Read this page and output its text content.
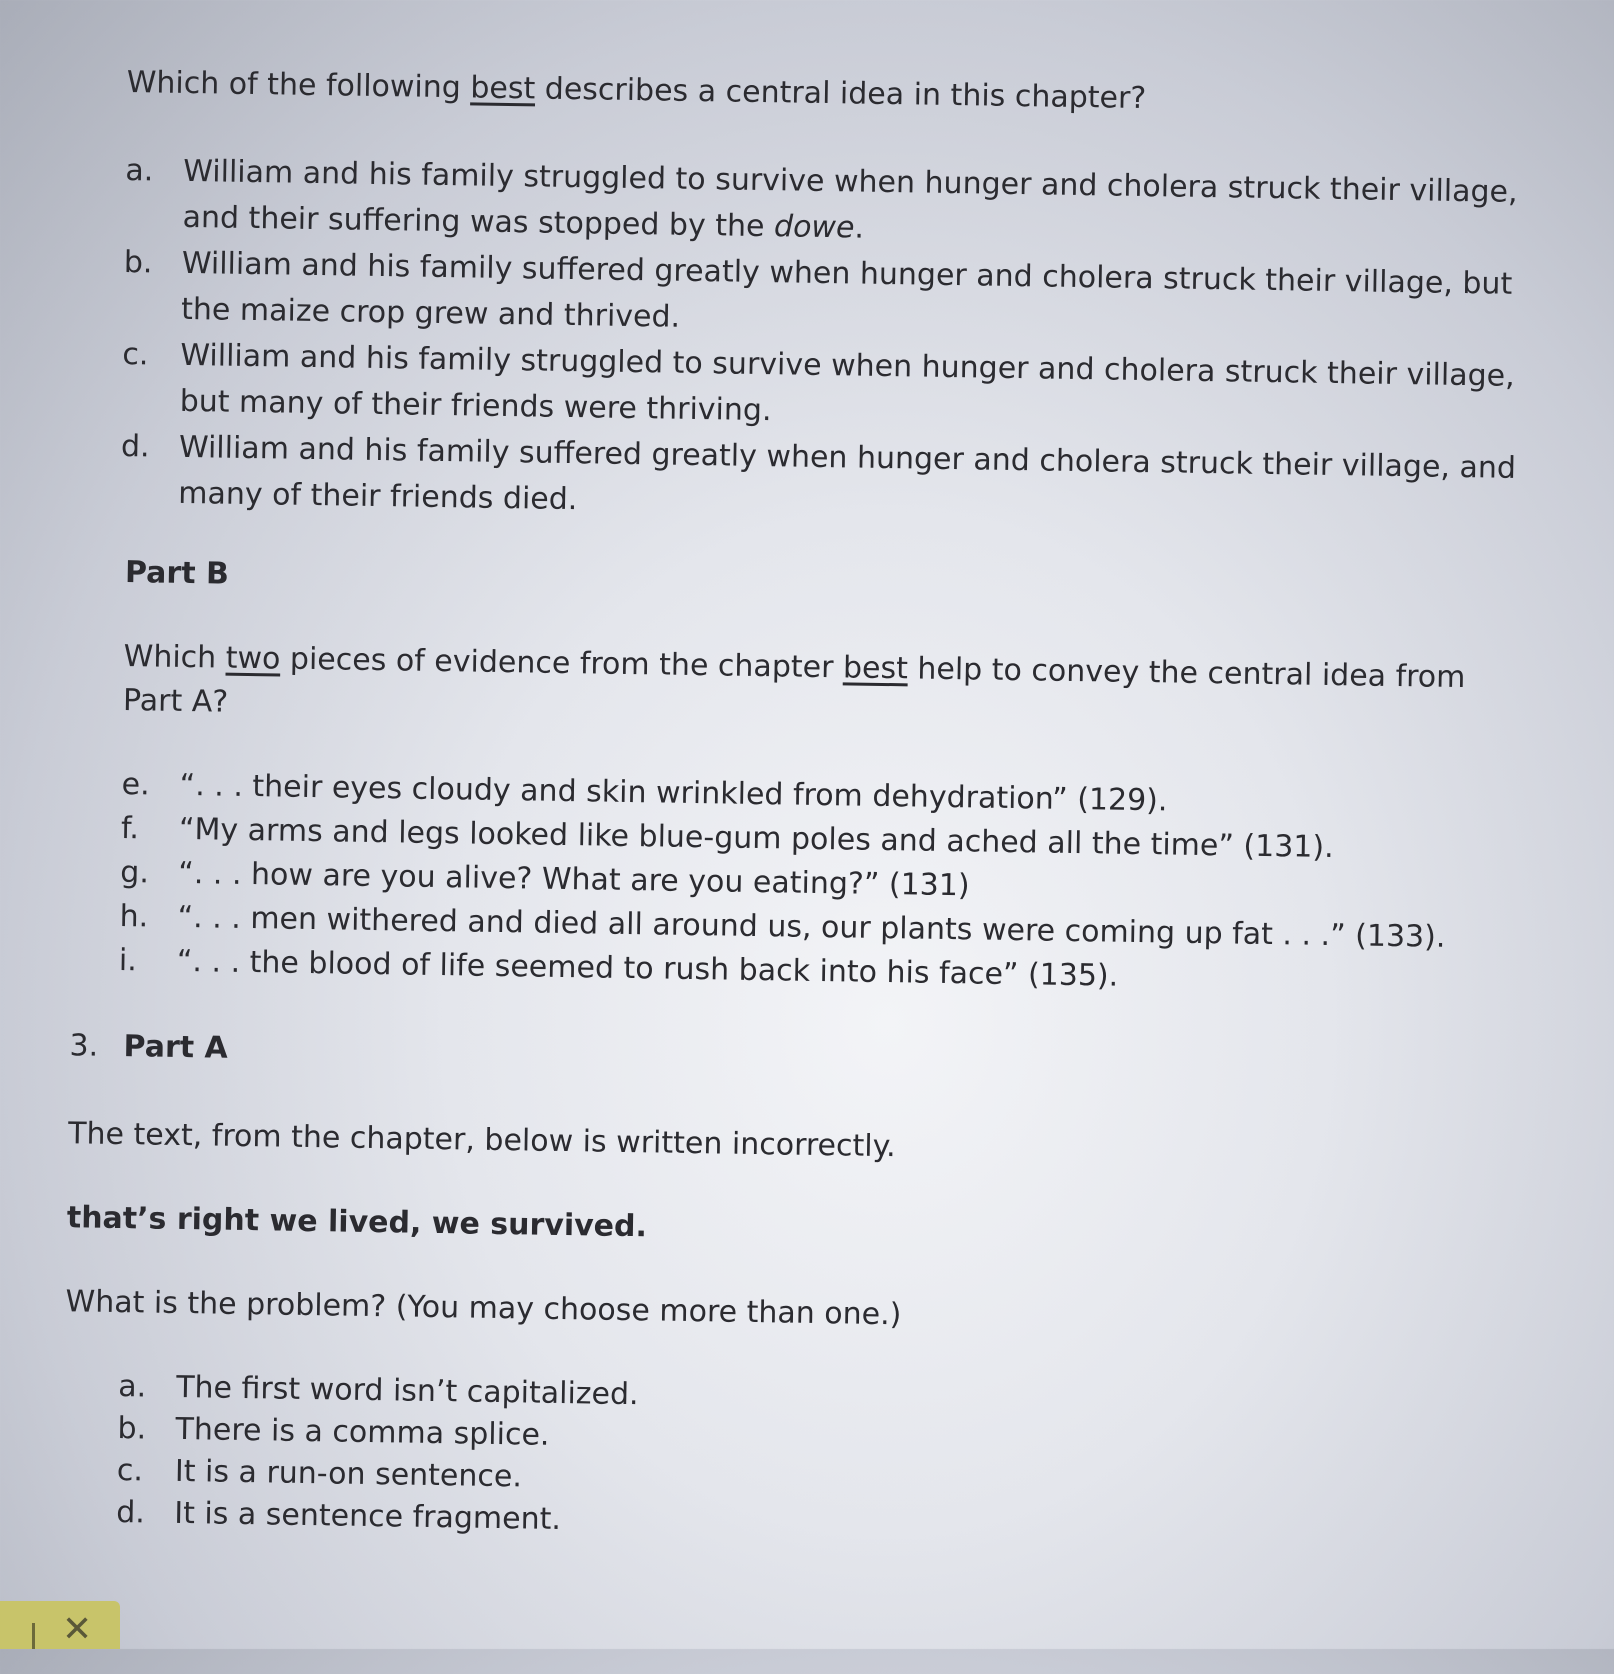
Which of the following best describes a central idea in this chapter?
a. William and his family struggled to survive when hunger and cholera struck their village,
and their suffering was stopped by the dowe.
b. William and his family suffered greatly when hunger and cholera struck their village, but
the maize crop grew and thrived.
c. William and his family struggled to survive when hunger and cholera struck their village,
but many of their friends were thriving.
d. William and his family suffered greatly when hunger and cholera struck their village, and
many of their friends died.
Part B
Which two pieces of evidence from the chapter best help to convey the central idea from
Part A?
e. “. . . their eyes cloudy and skin wrinkled from dehydration” (129).
f. “My arms and legs looked like blue-gum poles and ached all the time” (131).
g. “. . . how are you alive? What are you eating?” (131)
h. “. . . men withered and died all around us, our plants were coming up fat . . .” (133).
i. “. . . the blood of life seemed to rush back into his face” (135).
3. Part A
The text, from the chapter, below is written incorrectly.
that’s right we lived, we survived.
What is the problem? (You may choose more than one.)
a. The first word isn’t capitalized.
b. There is a comma splice.
c. It is a run-on sentence.
d. It is a sentence fragment.
✕
